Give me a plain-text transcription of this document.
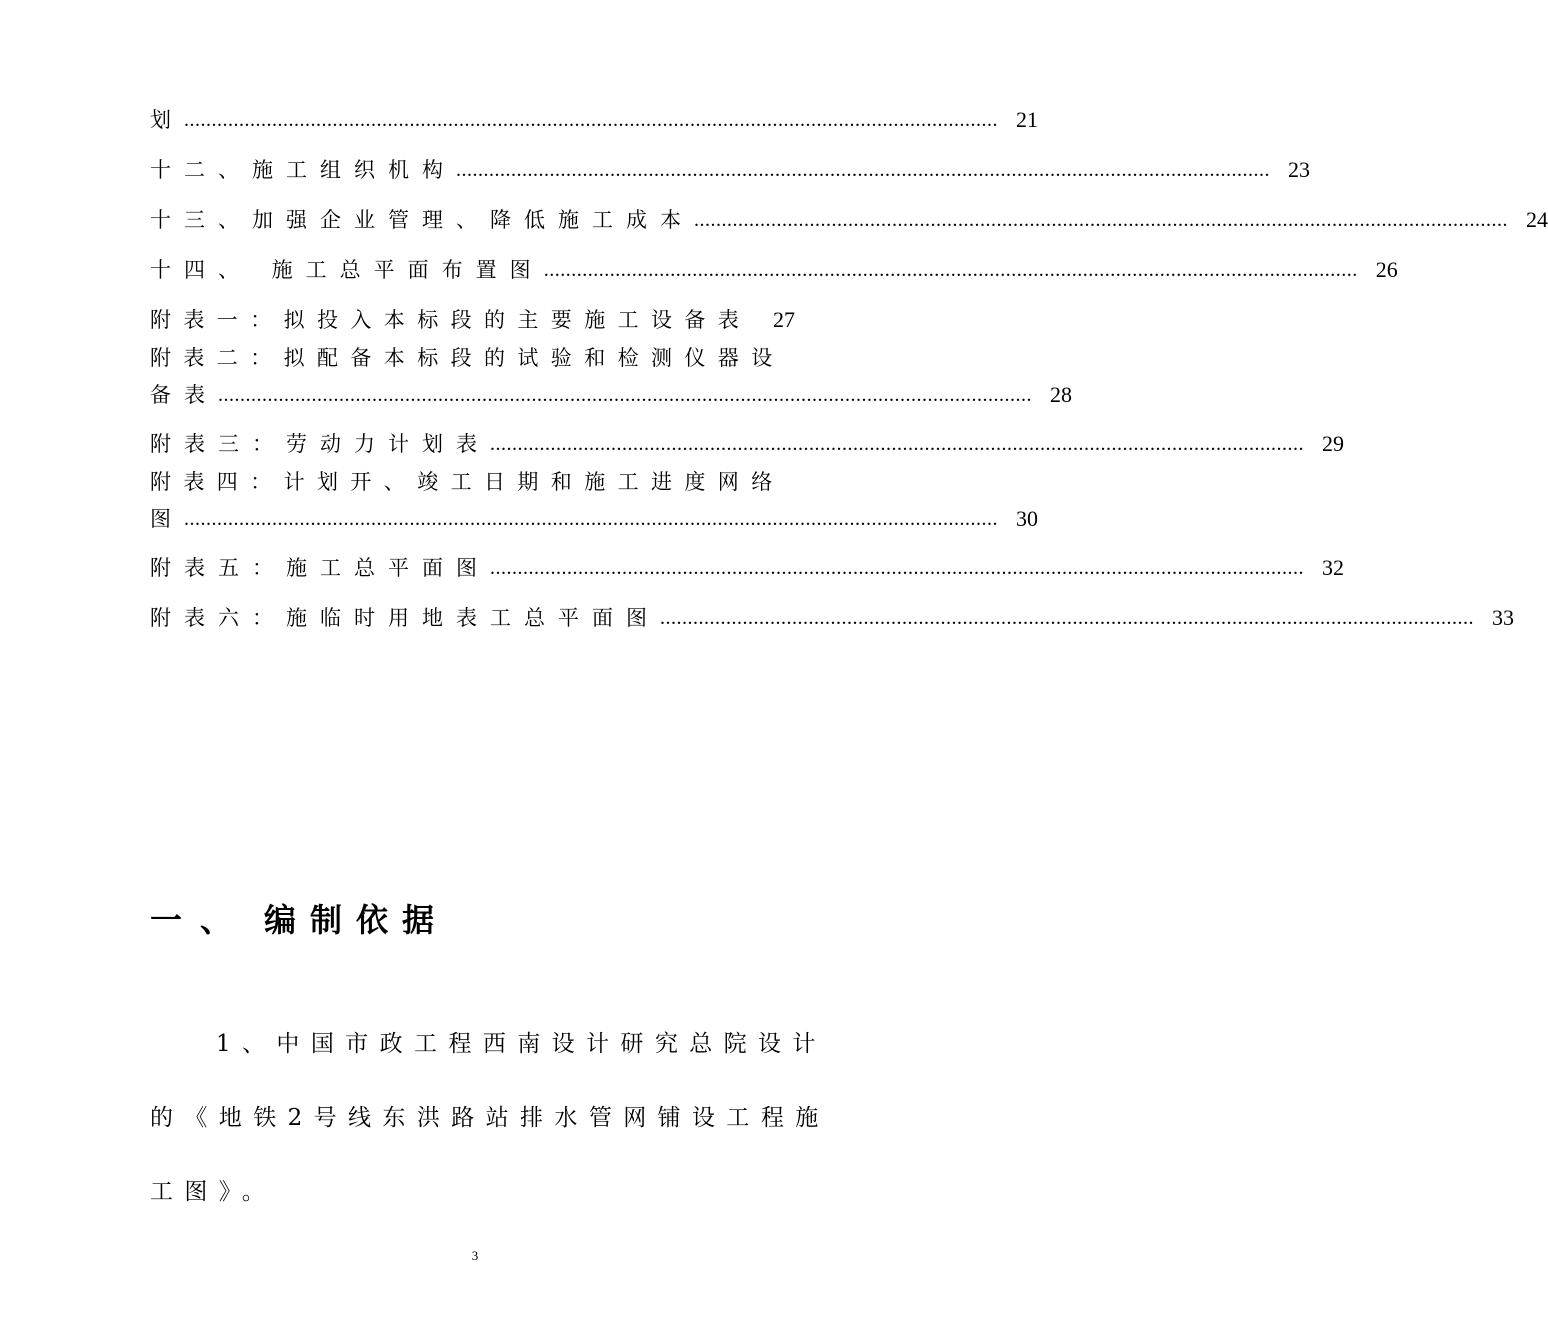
划 .................................................................................................................................................... 21
十二、施工组织机构 .................................................................................................................................................... 23
十三、加强企业管理、降低施工成本 .................................................................................................................................................... 24
十四、 施工总平面布置图 .................................................................................................................................................... 26
附表一：拟投入本标段的主要施工设备表 27
附表二：拟配备本标段的试验和检测仪器设
备表 .................................................................................................................................................... 28
附表三：劳动力计划表 .................................................................................................................................................... 29
附表四：计划开、竣工日期和施工进度网络
图 .................................................................................................................................................... 30
附表五：施工总平面图 .................................................................................................................................................... 32
附表六：施临时用地表工总平面图 .................................................................................................................................................... 33
一、 编制依据
1、中国市政工程西南设计研究总院设计
的《地铁2号线东洪路站排水管网铺设工程施
工图》。
3
